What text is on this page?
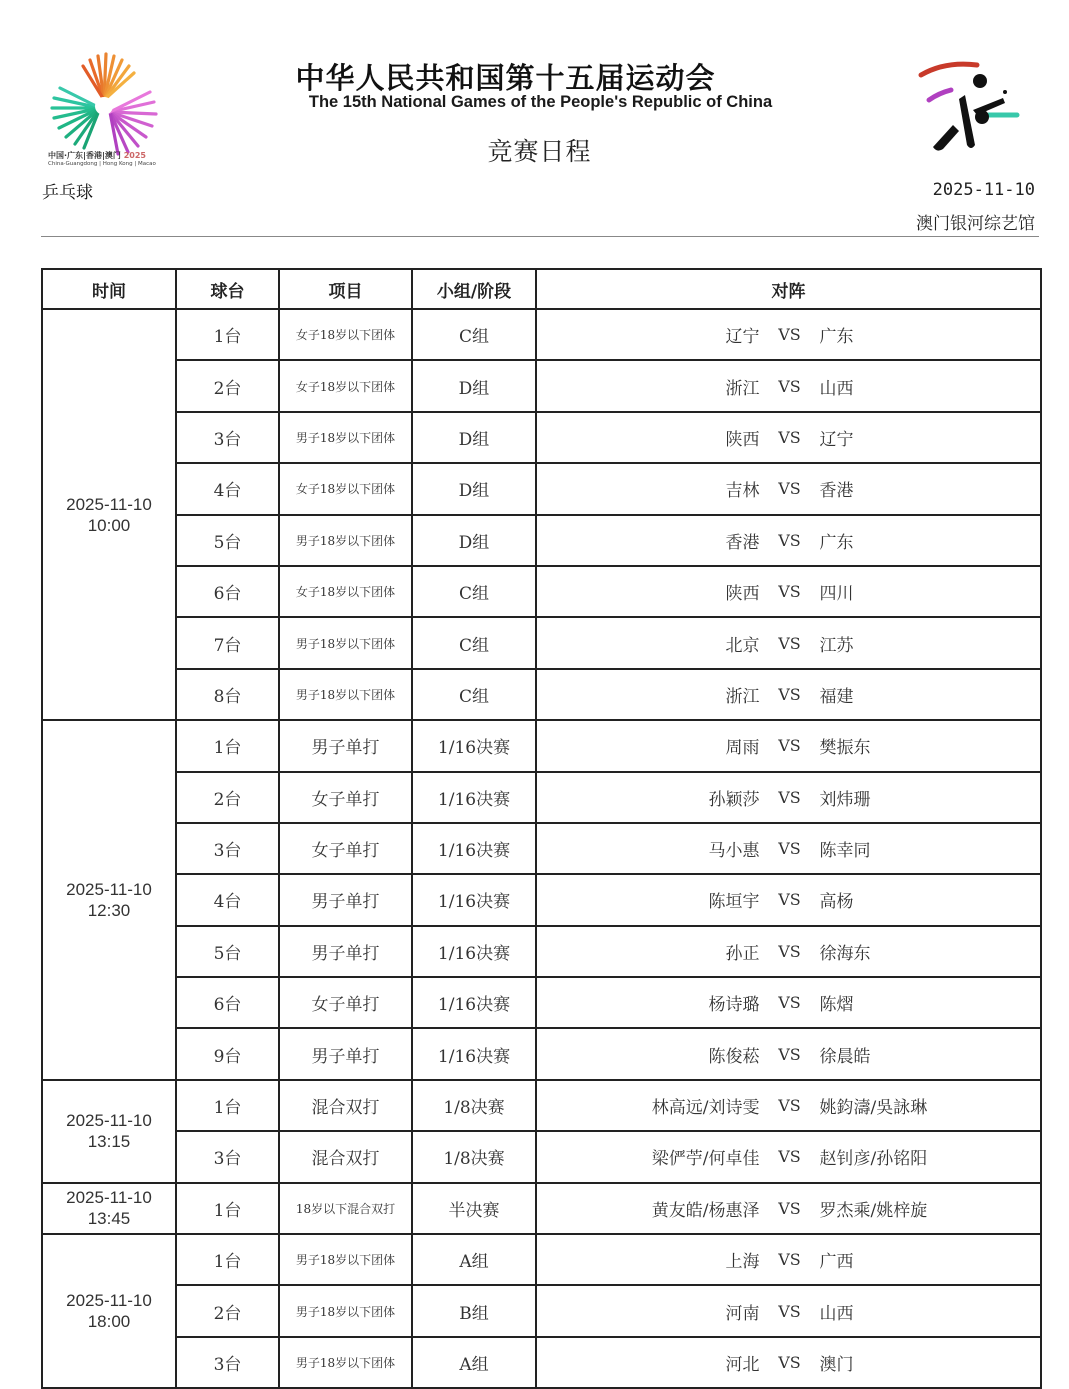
中国·广东|香港|澳门 2025
China·Guangdong | Hong Kong | Macao
乒乓球
中华人民共和国第十五届运动会
The 15th National Games of the People's Republic of China
竞赛日程
2025-11-10
澳门银河综艺馆
时间	球台	项目	小组/阶段	对阵

2025-11-10
10:00
	1台	女子18岁以下团体	C组	辽宁	VS	广东

	2台	女子18岁以下团体	D组	浙江 VS 山西

	3台	男子18岁以下团体	D组	陕西 VS 辽宁

	4台	女子18岁以下团体	D组	吉林 VS 香港

	5台	男子18岁以下团体	D组	香港 VS 广东

	6台	女子18岁以下团体	C组	陕西 VS 四川

	7台	男子18岁以下团体	C组	北京 VS 江苏

	8台	男子18岁以下团体	C组	浙江 VS 福建

2025-11-10
12:30
	1台	男子单打	1/16决赛	周雨	VS	樊振东

	2台	女子单打	1/16决赛	孙颖莎 VS 刘炜珊

	3台	女子单打	1/16决赛	马小惠 VS 陈幸同

	4台	男子单打	1/16决赛	陈垣宇 VS 高杨

	5台	男子单打	1/16决赛	孙正 VS 徐海东

	6台	女子单打	1/16决赛	杨诗璐 VS 陈熠

	9台	男子单打	1/16决赛	陈俊菘 VS 徐晨皓

2025-11-10
13:15
	1台	混合双打	1/8决赛	林高远/刘诗雯	VS	姚鈞濤/吳詠琳

	3台	混合双打	1/8决赛	梁俨苧/何卓佳 VS 赵钊彦/孙铭阳

2025-11-10
13:45	1台	18岁以下混合双打	半决赛	黄友皓/杨惠泽	VS	罗杰乘/姚梓旋

2025-11-10
18:00
	1台	男子18岁以下团体	A组	上海	VS	广西

	2台	男子18岁以下团体	B组	河南 VS 山西

	3台	男子18岁以下团体	A组	河北 VS 澳门
